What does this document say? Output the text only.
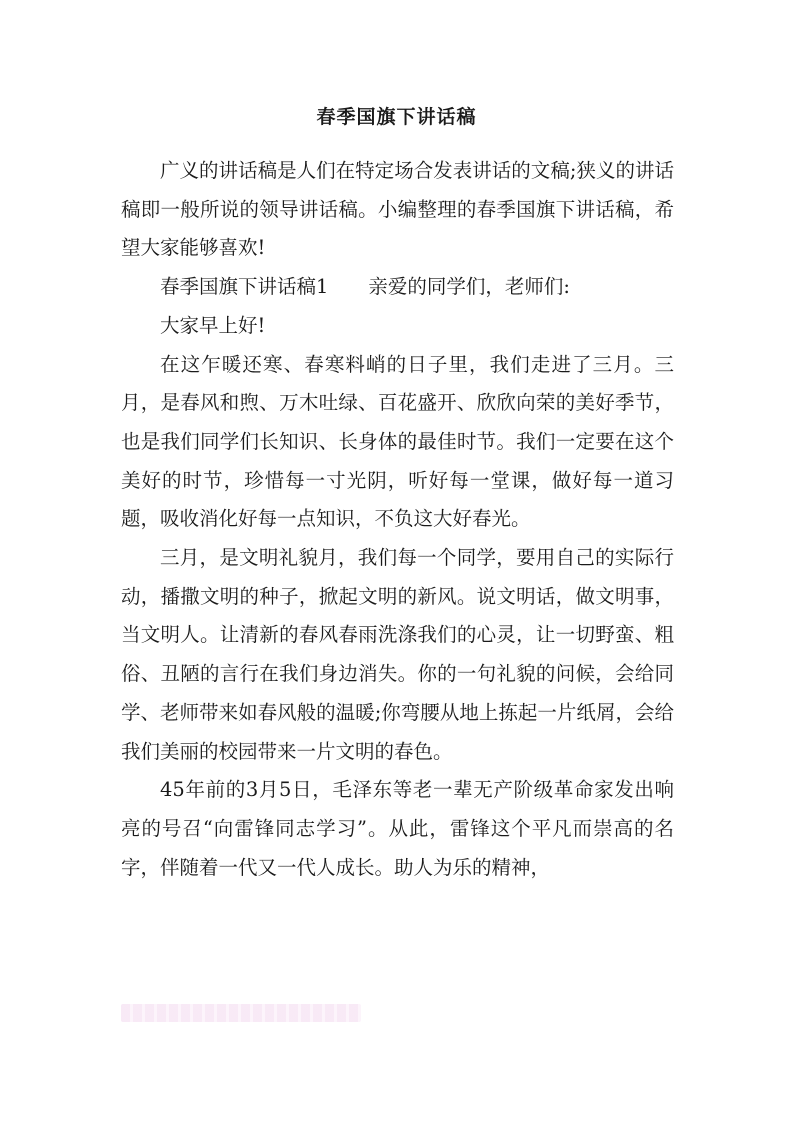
春季国旗下讲话稿

广义的讲话稿是人们在特定场合发表讲话的文稿;狭义的讲话稿即一般所说的领导讲话稿。小编整理的春季国旗下讲话稿，希望大家能够喜欢!

春季国旗下讲话稿1 亲爱的同学们，老师们:

大家早上好!

在这乍暖还寒、春寒料峭的日子里，我们走进了三月。三月，是春风和煦、万木吐绿、百花盛开、欣欣向荣的美好季节，也是我们同学们长知识、长身体的最佳时节。我们一定要在这个美好的时节，珍惜每一寸光阴，听好每一堂课，做好每一道习题，吸收消化好每一点知识，不负这大好春光。

三月，是文明礼貌月，我们每一个同学，要用自己的实际行动，播撒文明的种子，掀起文明的新风。说文明话，做文明事，当文明人。让清新的春风春雨洗涤我们的心灵，让一切野蛮、粗俗、丑陋的言行在我们身边消失。你的一句礼貌的问候，会给同学、老师带来如春风般的温暖;你弯腰从地上拣起一片纸屑，会给我们美丽的校园带来一片文明的春色。

45年前的3月5日，毛泽东等老一辈无产阶级革命家发出响亮的号召“向雷锋同志学习”。从此，雷锋这个平凡而崇高的名字，伴随着一代又一代人成长。助人为乐的精神，
